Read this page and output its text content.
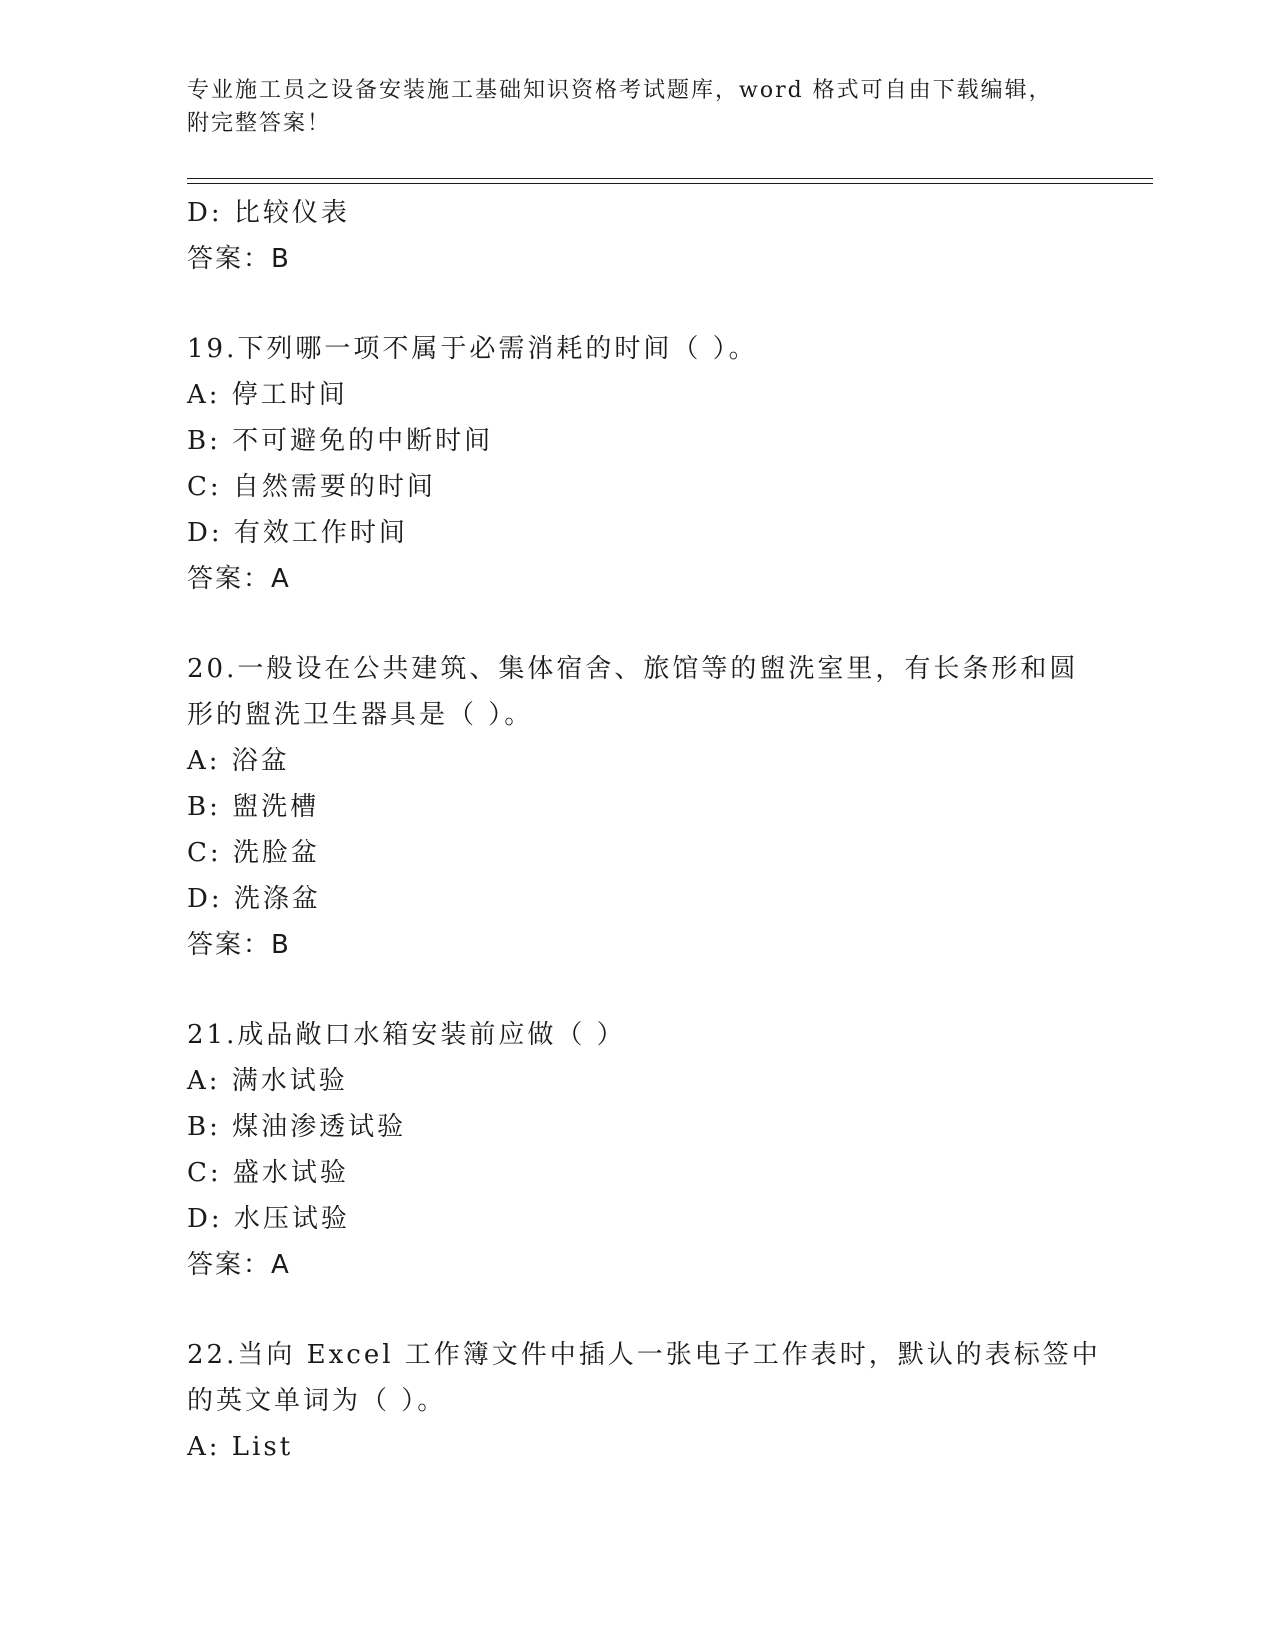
专业施工员之设备安装施工基础知识资格考试题库，word 格式可自由下载编辑，
附完整答案！
D: 比较仪表
答案：B
19.下列哪一项不属于必需消耗的时间（ ）。
A: 停工时间
B: 不可避免的中断时间
C: 自然需要的时间
D: 有效工作时间
答案：A
20.一般设在公共建筑、集体宿舍、旅馆等的盥洗室里，有长条形和圆
形的盥洗卫生器具是（ ）。
A: 浴盆
B: 盥洗槽
C: 洗脸盆
D: 洗涤盆
答案：B
21.成品敞口水箱安装前应做（ ）
A: 满水试验
B: 煤油渗透试验
C: 盛水试验
D: 水压试验
答案：A
22.当向 Excel 工作簿文件中插人一张电子工作表时，默认的表标签中
的英文单词为（ ）。
A: List
